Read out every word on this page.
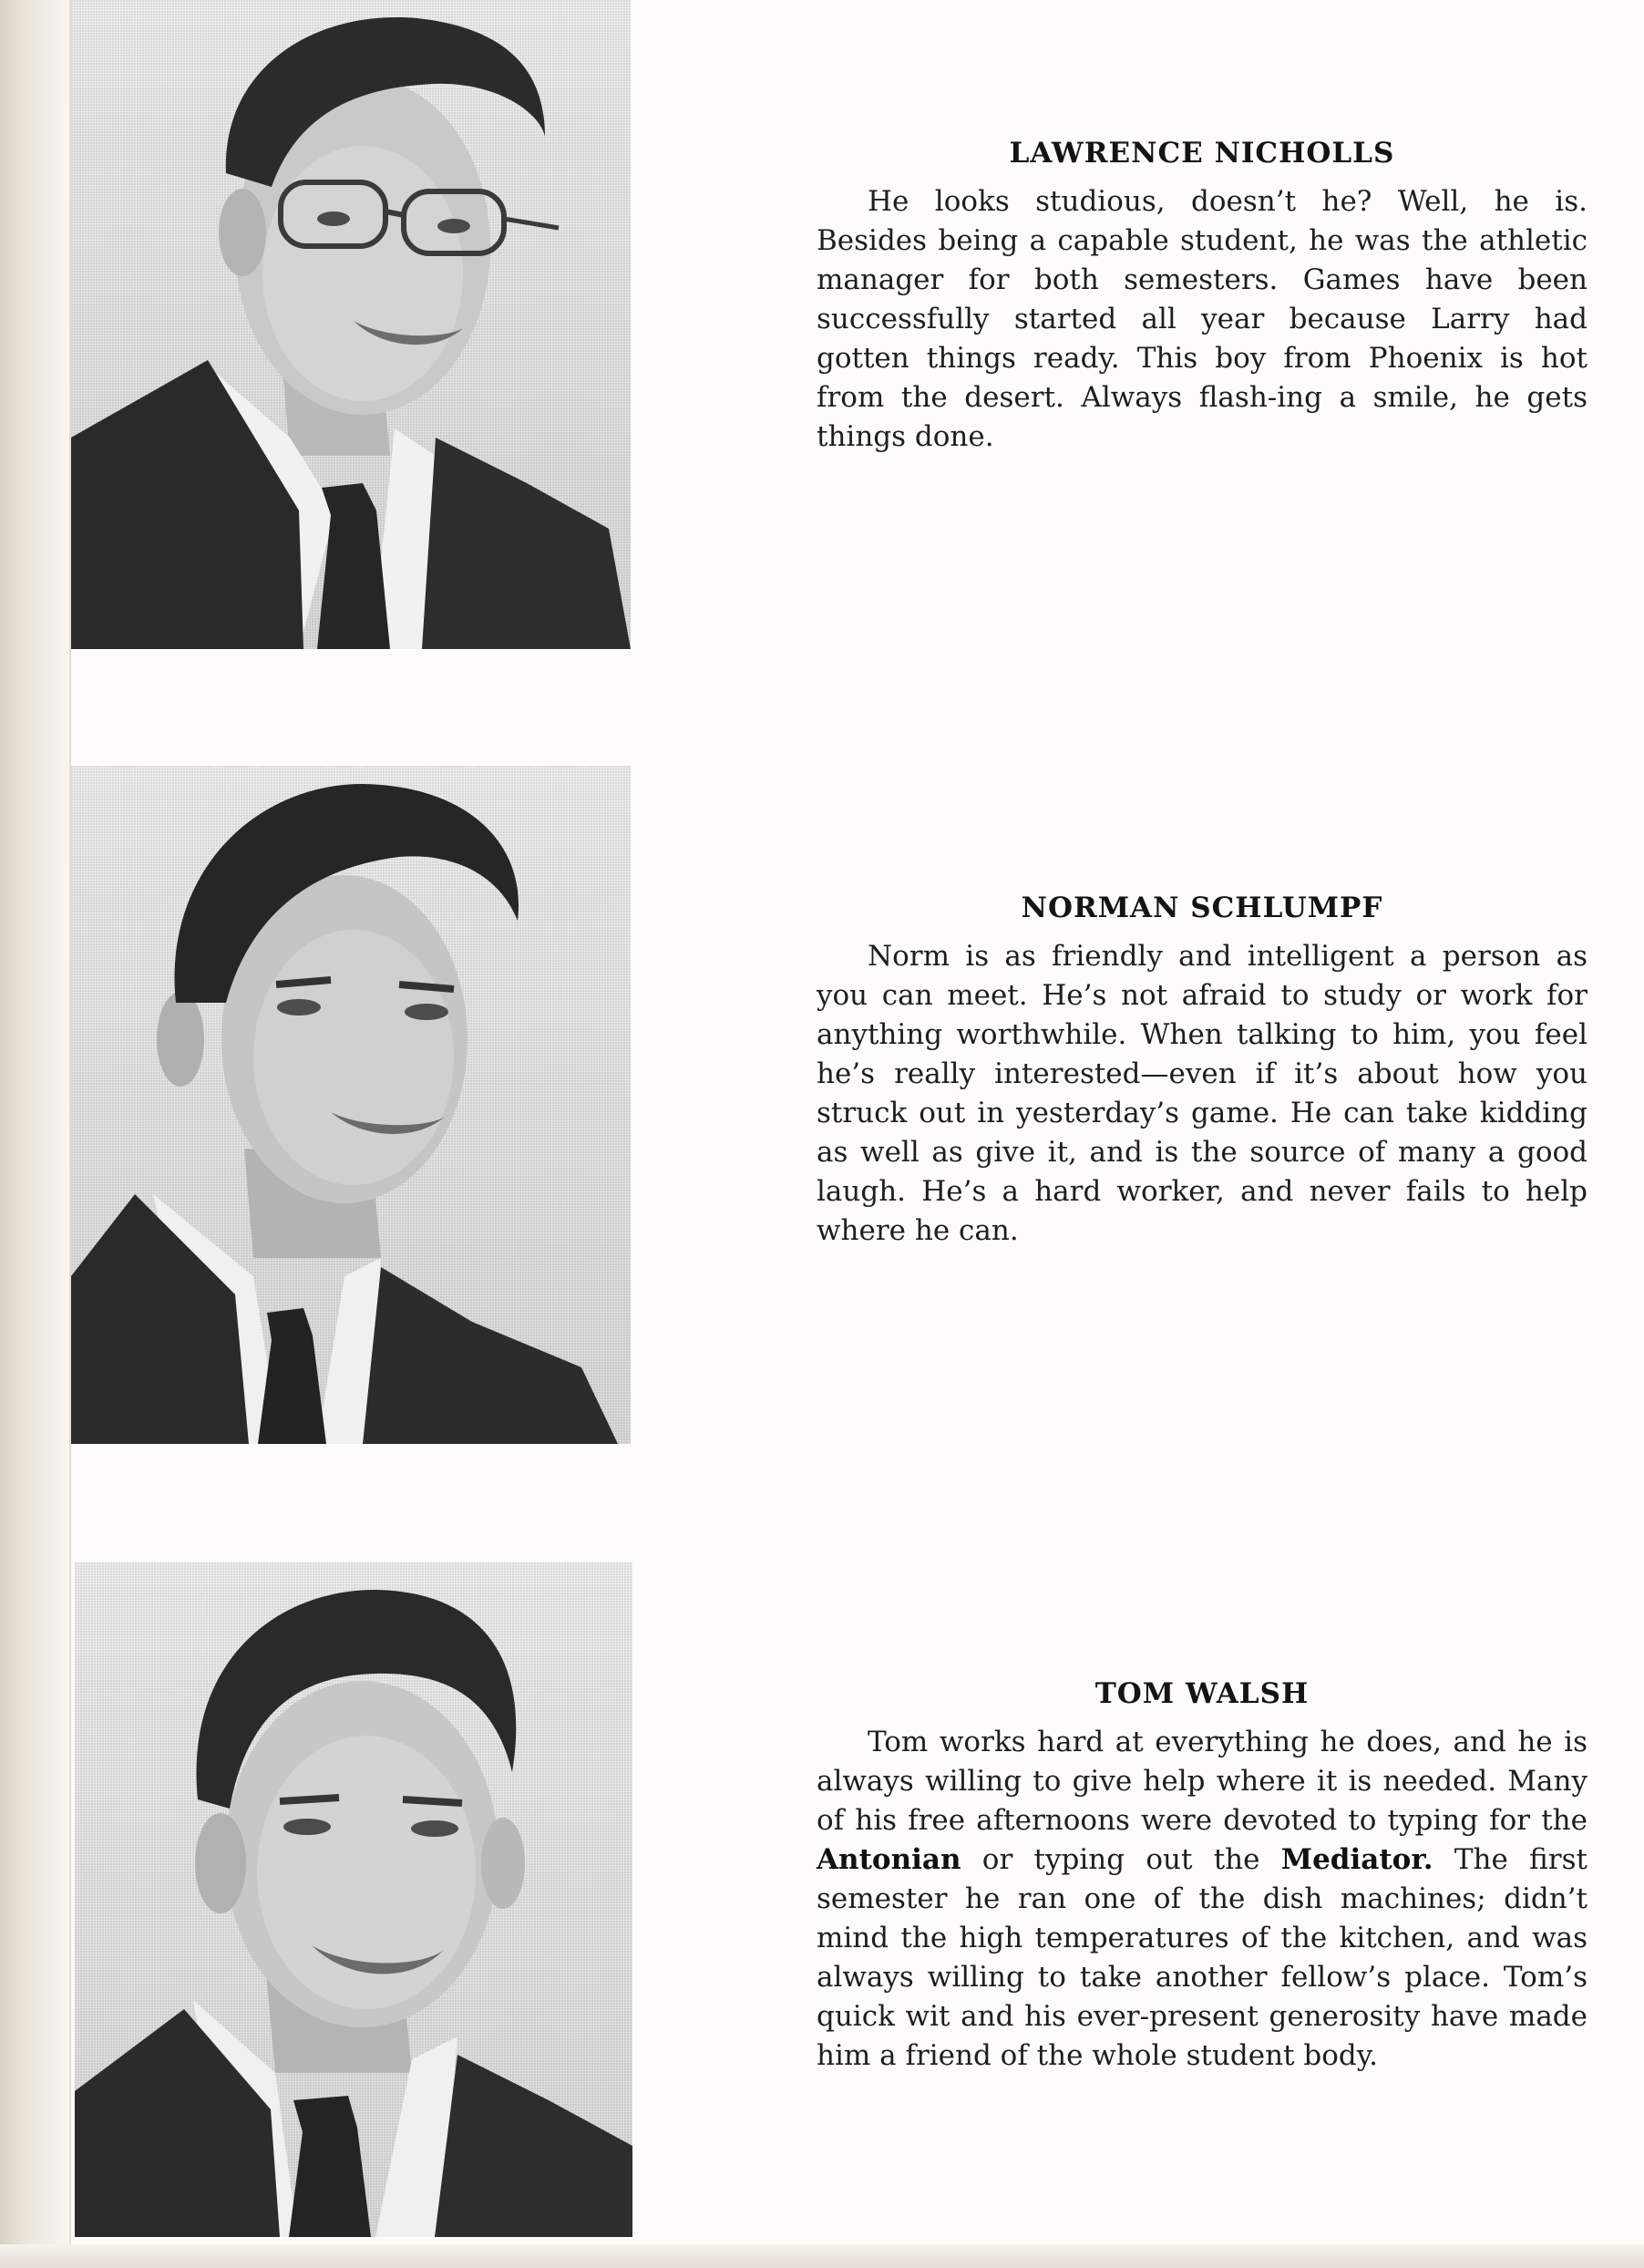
LAWRENCE NICHOLLS

He looks studious, doesn’t he? Well, he is. Besides being a capable student, he was the athletic manager for both semesters. Games have been successfully started all year because Larry had gotten things ready. This boy from Phoenix is hot from the desert. Always flash-ing a smile, he gets things done.

NORMAN SCHLUMPF

Norm is as friendly and intelligent a person as you can meet. He’s not afraid to study or work for anything worthwhile. When talking to him, you feel he’s really interested—even if it’s about how you struck out in yesterday’s game. He can take kidding as well as give it, and is the source of many a good laugh. He’s a hard worker, and never fails to help where he can.

TOM WALSH

Tom works hard at everything he does, and he is always willing to give help where it is needed. Many of his free afternoons were devoted to typing for the Antonian or typing out the Mediator. The first semester he ran one of the dish machines; didn’t mind the high temperatures of the kitchen, and was always willing to take another fellow’s place. Tom’s quick wit and his ever-present generosity have made him a friend of the whole student body.
